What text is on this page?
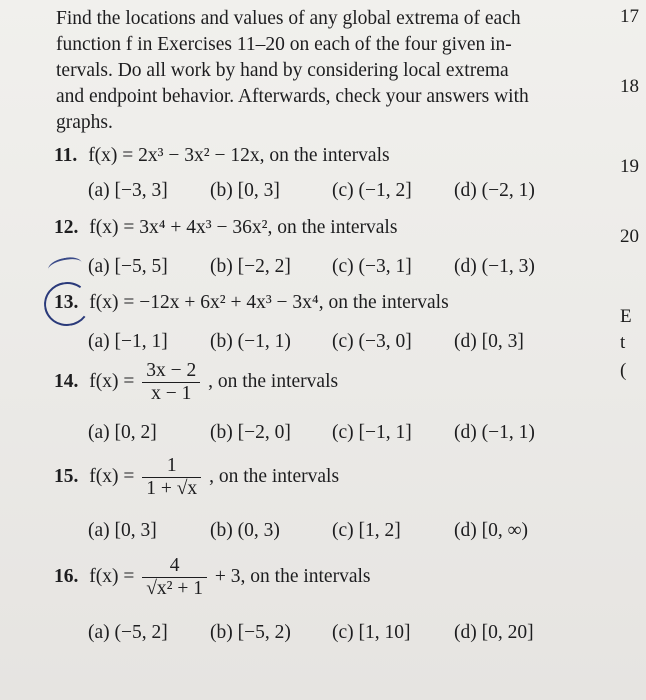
Find the locations and values of any global extrema of each
function f in Exercises 11–20 on each of the four given in-
tervals. Do all work by hand by considering local extrema
and endpoint behavior. Afterwards, check your answers with
graphs.
17
18
19
20
E
t
(
11. f(x) = 2x³ − 3x² − 12x, on the intervals
(a) [−3, 3] (b) [0, 3]	(c) (−1, 2] (d) (−2, 1)
12. f(x) = 3x⁴ + 4x³ − 36x², on the intervals
(a) [−5, 5] (b) [−2, 2] (c) (−3, 1] (d) (−1, 3)
13. f(x) = −12x + 6x² + 4x³ − 3x⁴, on the intervals
(a) [−1, 1] (b) (−1, 1) (c) (−3, 0] (d) [0, 3]
14. $f(x) = \frac{3x - 2}{x - 1}$ , on the intervals
(a) [0, 2]	(b) [−2, 0] (c) [−1, 1] (d) (−1, 1)
15. $f(x) = \frac{1}{1 + √x}$ , on the intervals
(a) [0, 3]	(b) (0, 3)	(c) [1, 2]	(d) [0, ∞)
16. $f(x) = \frac{4}{\text{√x² + 1}} + 3$, on the intervals
(a) (−5, 2] (b) [−5, 2) (c) [1, 10] (d) [0, 20]
